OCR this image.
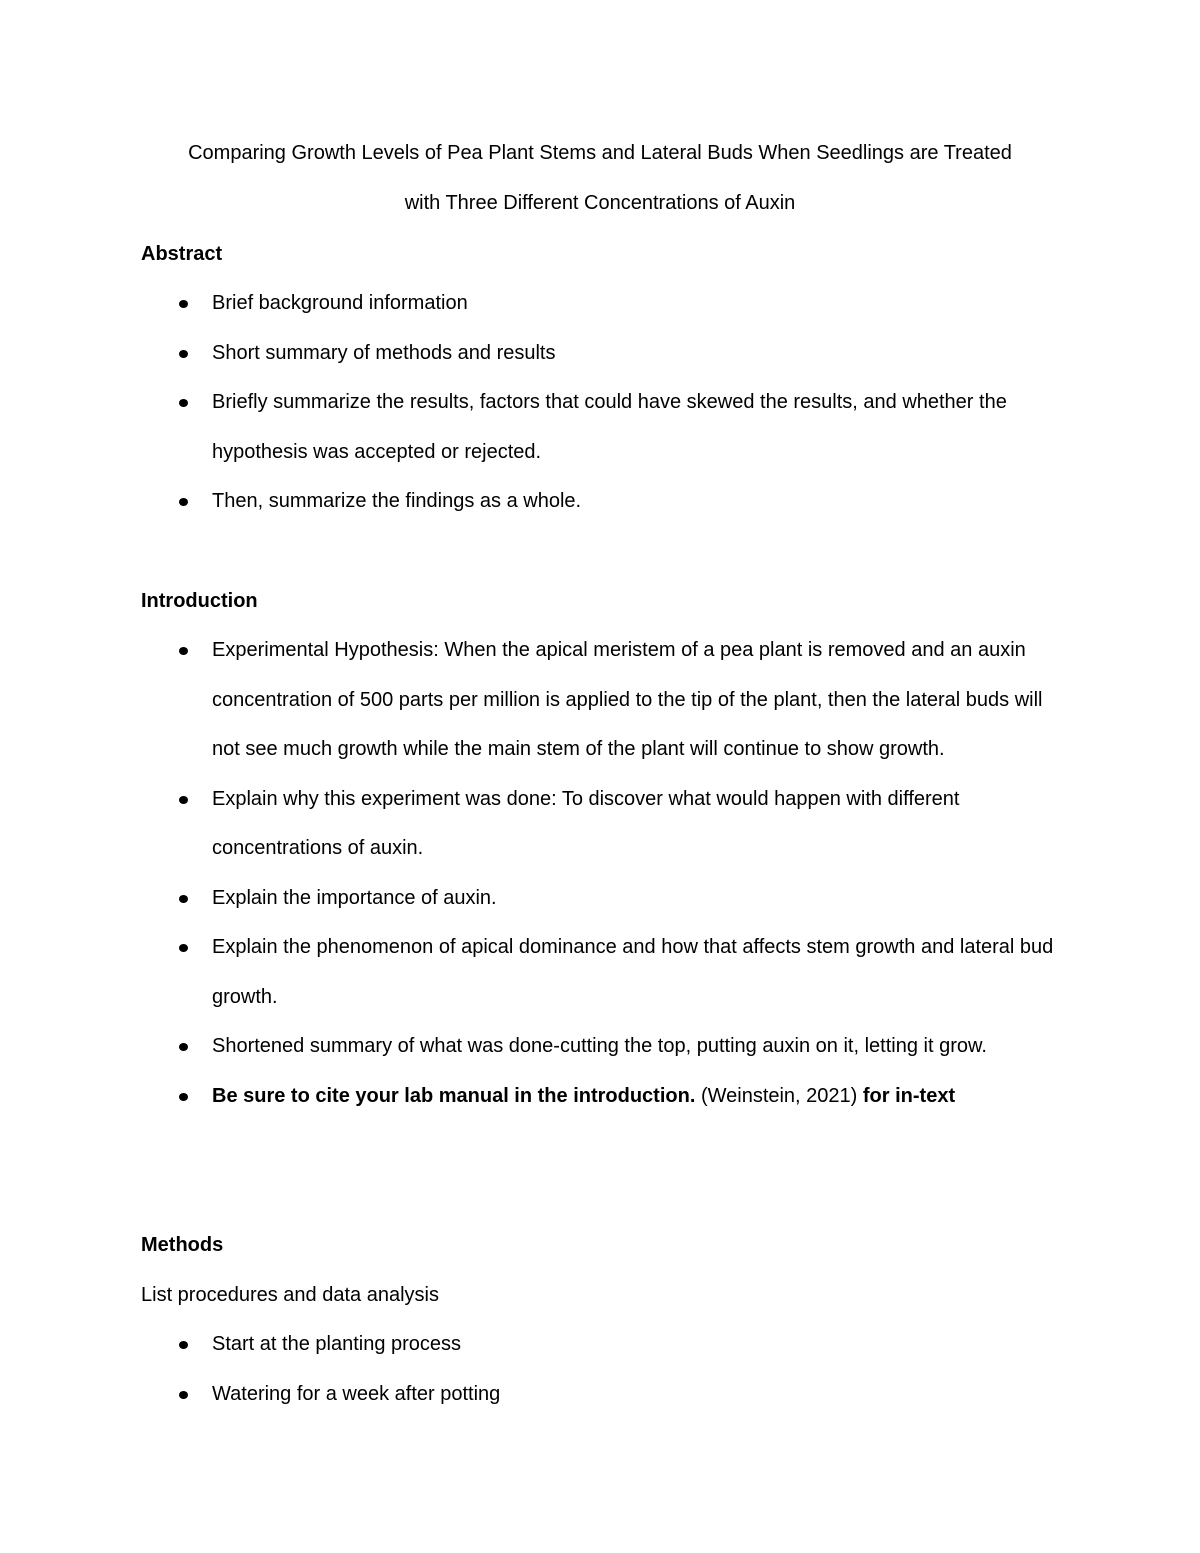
Comparing Growth Levels of Pea Plant Stems and Lateral Buds When Seedlings are Treated
with Three Different Concentrations of Auxin
Abstract
Brief background information
Short summary of methods and results
Briefly summarize the results, factors that could have skewed the results, and whether the hypothesis was accepted or rejected.
Then, summarize the findings as a whole.
Introduction
Experimental Hypothesis: When the apical meristem of a pea plant is removed and an auxin concentration of 500 parts per million is applied to the tip of the plant, then the lateral buds will not see much growth while the main stem of the plant will continue to show growth.
Explain why this experiment was done: To discover what would happen with different concentrations of auxin.
Explain the importance of auxin.
Explain the phenomenon of apical dominance and how that affects stem growth and lateral bud growth.
Shortened summary of what was done-cutting the top, putting auxin on it, letting it grow.
Be sure to cite your lab manual in the introduction. (Weinstein, 2021) for in-text
Methods

List procedures and data analysis

Start at the planting process
Watering for a week after potting
